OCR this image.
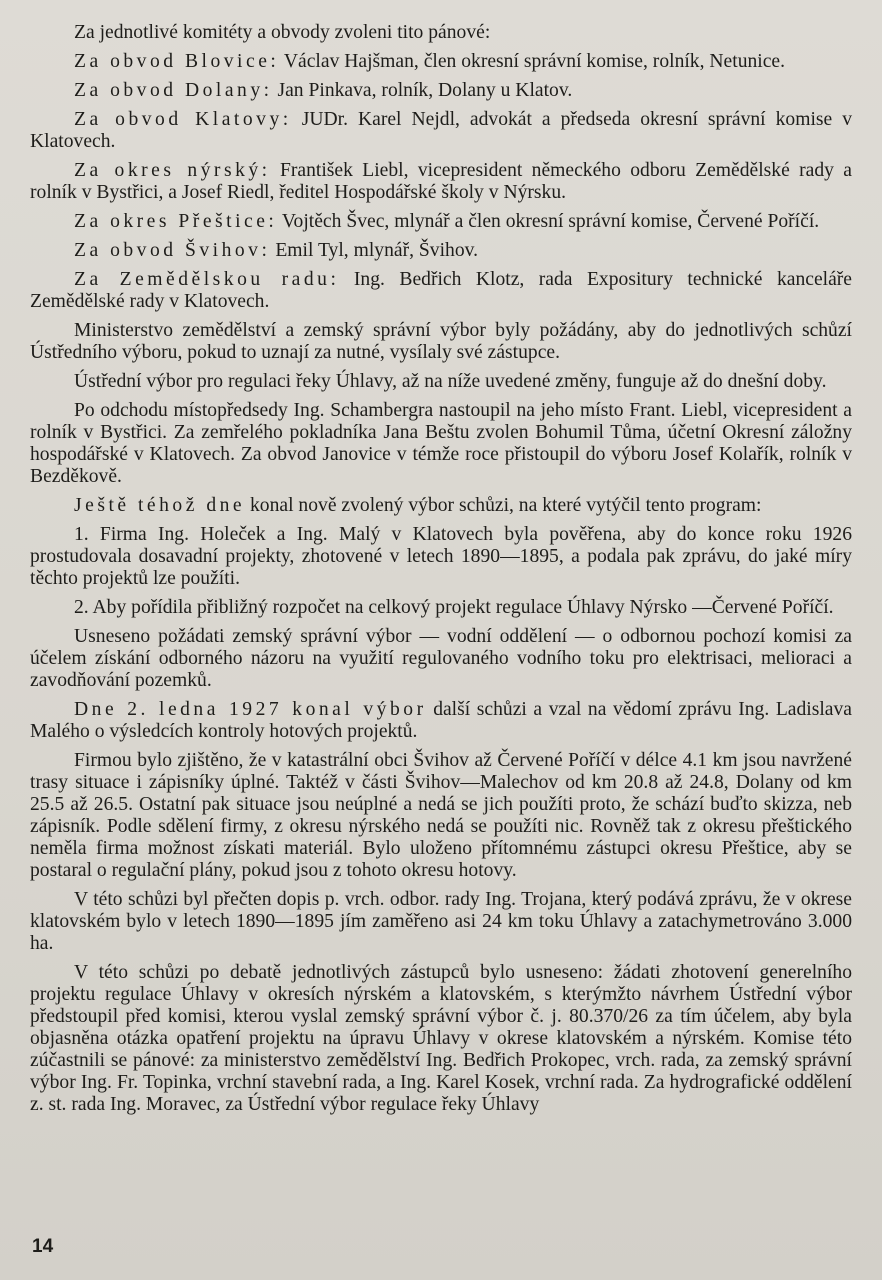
Za jednotlivé komitéty a obvody zvoleni tito pánové:

Za obvod Blovice: Václav Hajšman, člen okresní správní komise, rolník, Netunice.

Za obvod Dolany: Jan Pinkava, rolník, Dolany u Klatov.

Za obvod Klatovy: JUDr. Karel Nejdl, advokát a předseda okresní správní komise v Klatovech.

Za okres nýrský: František Liebl, vicepresident německého odboru Zemědělské rady a rolník v Bystřici, a Josef Riedl, ředitel Hospodářské školy v Nýrsku.

Za okres Přeštice: Vojtěch Švec, mlynář a člen okresní správní komise, Červené Poříčí.

Za obvod Švihov: Emil Tyl, mlynář, Švihov.

Za Zemědělskou radu: Ing. Bedřich Klotz, rada Expositury technické kanceláře Zemědělské rady v Klatovech.

Ministerstvo zemědělství a zemský správní výbor byly požádány, aby do jednotlivých schůzí Ústředního výboru, pokud to uznají za nutné, vysílaly své zástupce.

Ústřední výbor pro regulaci řeky Úhlavy, až na níže uvedené změny, funguje až do dnešní doby.

Po odchodu místopředsedy Ing. Schambergra nastoupil na jeho místo Frant. Liebl, vicepresident a rolník v Bystřici. Za zemřelého pokladníka Jana Beštu zvolen Bohumil Tůma, účetní Okresní záložny hospodářské v Klatovech. Za obvod Janovice v témže roce přistoupil do výboru Josef Kolařík, rolník v Bezděkově.

Ještě téhož dne konal nově zvolený výbor schůzi, na které vytýčil tento program:

1. Firma Ing. Holeček a Ing. Malý v Klatovech byla pověřena, aby do konce roku 1926 prostudovala dosavadní projekty, zhotovené v letech 1890—1895, a podala pak zprávu, do jaké míry těchto projektů lze použíti.

2. Aby pořídila přibližný rozpočet na celkový projekt regulace Úhlavy Nýrsko —Červené Poříčí.

Usneseno požádati zemský správní výbor — vodní oddělení — o odbornou pochozí komisi za účelem získání odborného názoru na využití regulovaného vodního toku pro elektrisaci, melioraci a zavodňování pozemků.

Dne 2. ledna 1927 konal výbor další schůzi a vzal na vědomí zprávu Ing. Ladislava Malého o výsledcích kontroly hotových projektů.

Firmou bylo zjištěno, že v katastrální obci Švihov až Červené Poříčí v délce 4.1 km jsou navržené trasy situace i zápisníky úplné. Taktéž v části Švihov—Malechov od km 20.8 až 24.8, Dolany od km 25.5 až 26.5. Ostatní pak situace jsou neúplné a nedá se jich použíti proto, že schází buďto skizza, neb zápisník. Podle sdělení firmy, z okresu nýrského nedá se použíti nic. Rovněž tak z okresu přeštického neměla firma možnost získati materiál. Bylo uloženo přítomnému zástupci okresu Přeštice, aby se postaral o regulační plány, pokud jsou z tohoto okresu hotovy.

V této schůzi byl přečten dopis p. vrch. odbor. rady Ing. Trojana, který podává zprávu, že v okrese klatovském bylo v letech 1890—1895 jím zaměřeno asi 24 km toku Úhlavy a zatachymetrováno 3.000 ha.

V této schůzi po debatě jednotlivých zástupců bylo usneseno: žádati zhotovení generelního projektu regulace Úhlavy v okresích nýrském a klatovském, s kterýmžto návrhem Ústřední výbor předstoupil před komisi, kterou vyslal zemský správní výbor č. j. 80.370/26 za tím účelem, aby byla objasněna otázka opatření projektu na úpravu Úhlavy v okrese klatovském a nýrském. Komise této zúčastnili se pánové: za ministerstvo zemědělství Ing. Bedřich Prokopec, vrch. rada, za zemský správní výbor Ing. Fr. Topinka, vrchní stavební rada, a Ing. Karel Kosek, vrchní rada. Za hydrografické oddělení z. st. rada Ing. Moravec, za Ústřední výbor regulace řeky Úhlavy

14
